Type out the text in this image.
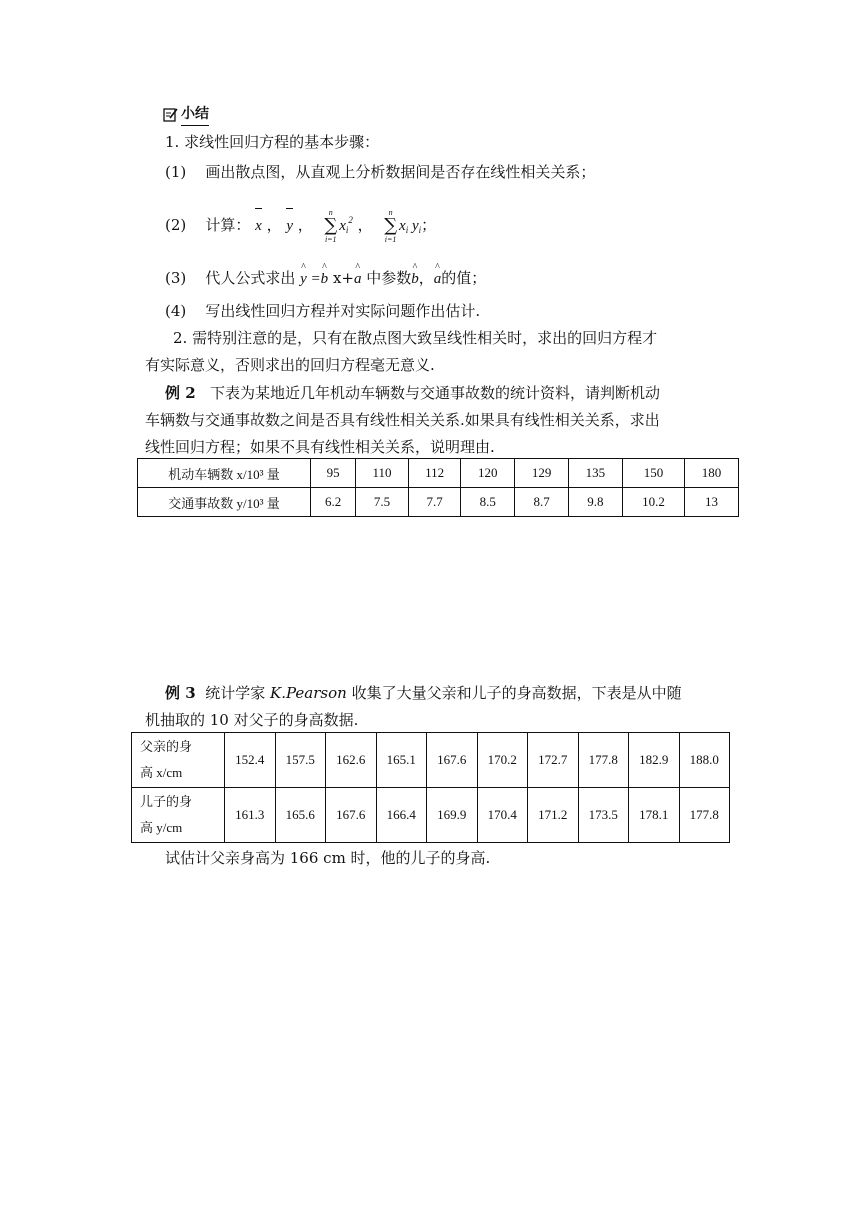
小结
1. 求线性回归方程的基本步骤：
(1) 画出散点图，从直观上分析数据间是否存在线性相关关系；
(2) 计算： x ， y ，
n
∑
i=1
$x_i^2$ ，
n
∑
i=1
$x_i$ $y_i$；
(3) 代人公式求出 ^ y =^ b x+^ a 中参数^ b，^ a的值；
(4) 写出线性回归方程并对实际问题作出估计.
2. 需特别注意的是，只有在散点图大致呈线性相关时，求出的回归方程才
有实际意义，否则求出的回归方程毫无意义.
例 2 下表为某地近几年机动车辆数与交通事故数的统计资料，请判断机动
车辆数与交通事故数之间是否具有线性相关关系.如果具有线性相关关系，求出
线性回归方程；如果不具有线性相关关系，说明理由.
机动车辆数 x/10³ 量	95	110	112	120	129	135	150	180
交通事故数 y/10³ 量	6.2	7.5	7.7	8.5	8.7	9.8	10.2	13
例 3 统计学家 K.Pearson 收集了大量父亲和儿子的身高数据，下表是从中随
机抽取的 10 对父子的身高数据.
父亲的身
高 x/cm	152.4	157.5	162.6	165.1	167.6	170.2	172.7	177.8	182.9	188.0

儿子的身
高 y/cm	161.3	165.6	167.6	166.4	169.9	170.4	171.2	173.5	178.1	177.8
试估计父亲身高为 166 cm 时，他的儿子的身高.
